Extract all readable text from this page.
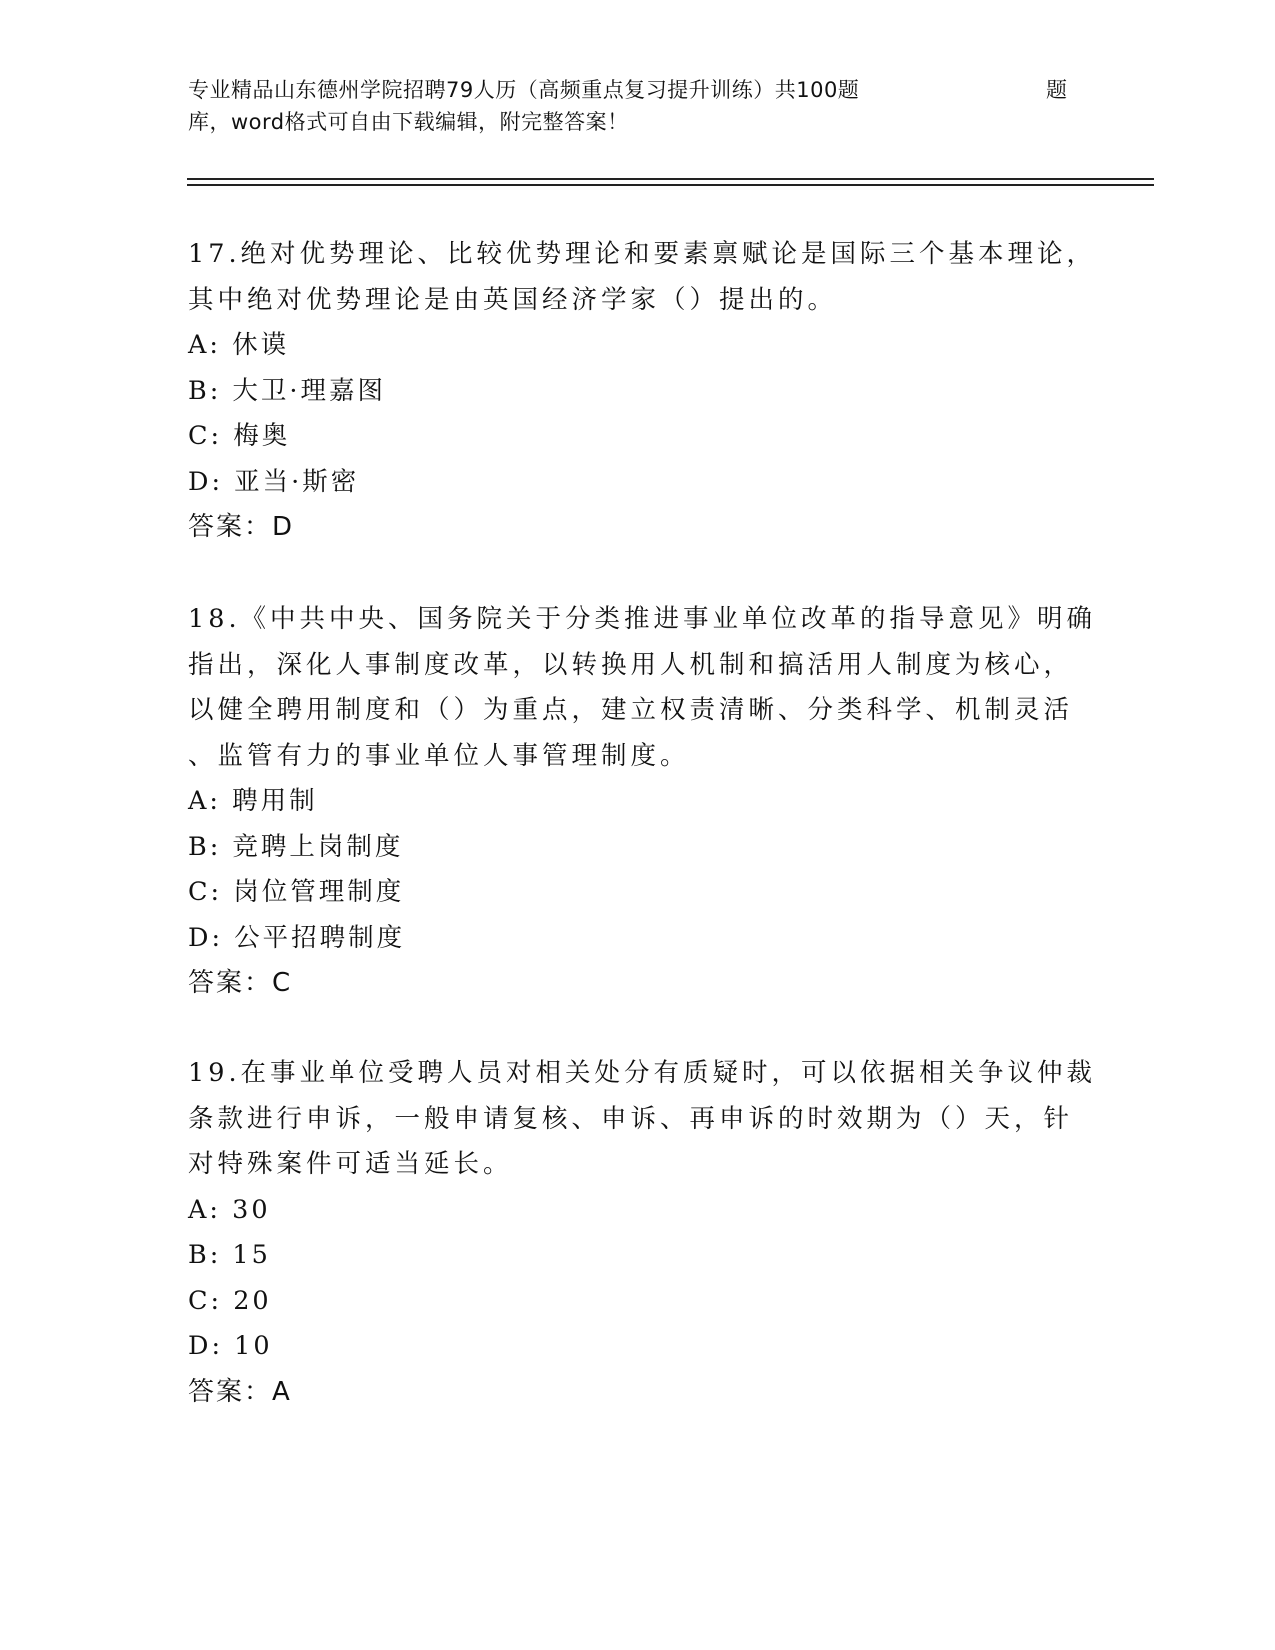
专业精品山东德州学院招聘79人历（高频重点复习提升训练）共100题
库，word格式可自由下载编辑，附完整答案！
题
17.绝对优势理论、比较优势理论和要素禀赋论是国际三个基本理论，
其中绝对优势理论是由英国经济学家（）提出的。
A: 休谟
B: 大卫·理嘉图
C: 梅奥
D: 亚当·斯密
答案：D
18.《中共中央、国务院关于分类推进事业单位改革的指导意见》明确
指出，深化人事制度改革，以转换用人机制和搞活用人制度为核心，
以健全聘用制度和（）为重点，建立权责清晰、分类科学、机制灵活
、监管有力的事业单位人事管理制度。
A: 聘用制
B: 竞聘上岗制度
C: 岗位管理制度
D: 公平招聘制度
答案：C
19.在事业单位受聘人员对相关处分有质疑时，可以依据相关争议仲裁
条款进行申诉，一般申请复核、申诉、再申诉的时效期为（）天，针
对特殊案件可适当延长。
A: 30
B: 15
C: 20
D: 10
答案：A
